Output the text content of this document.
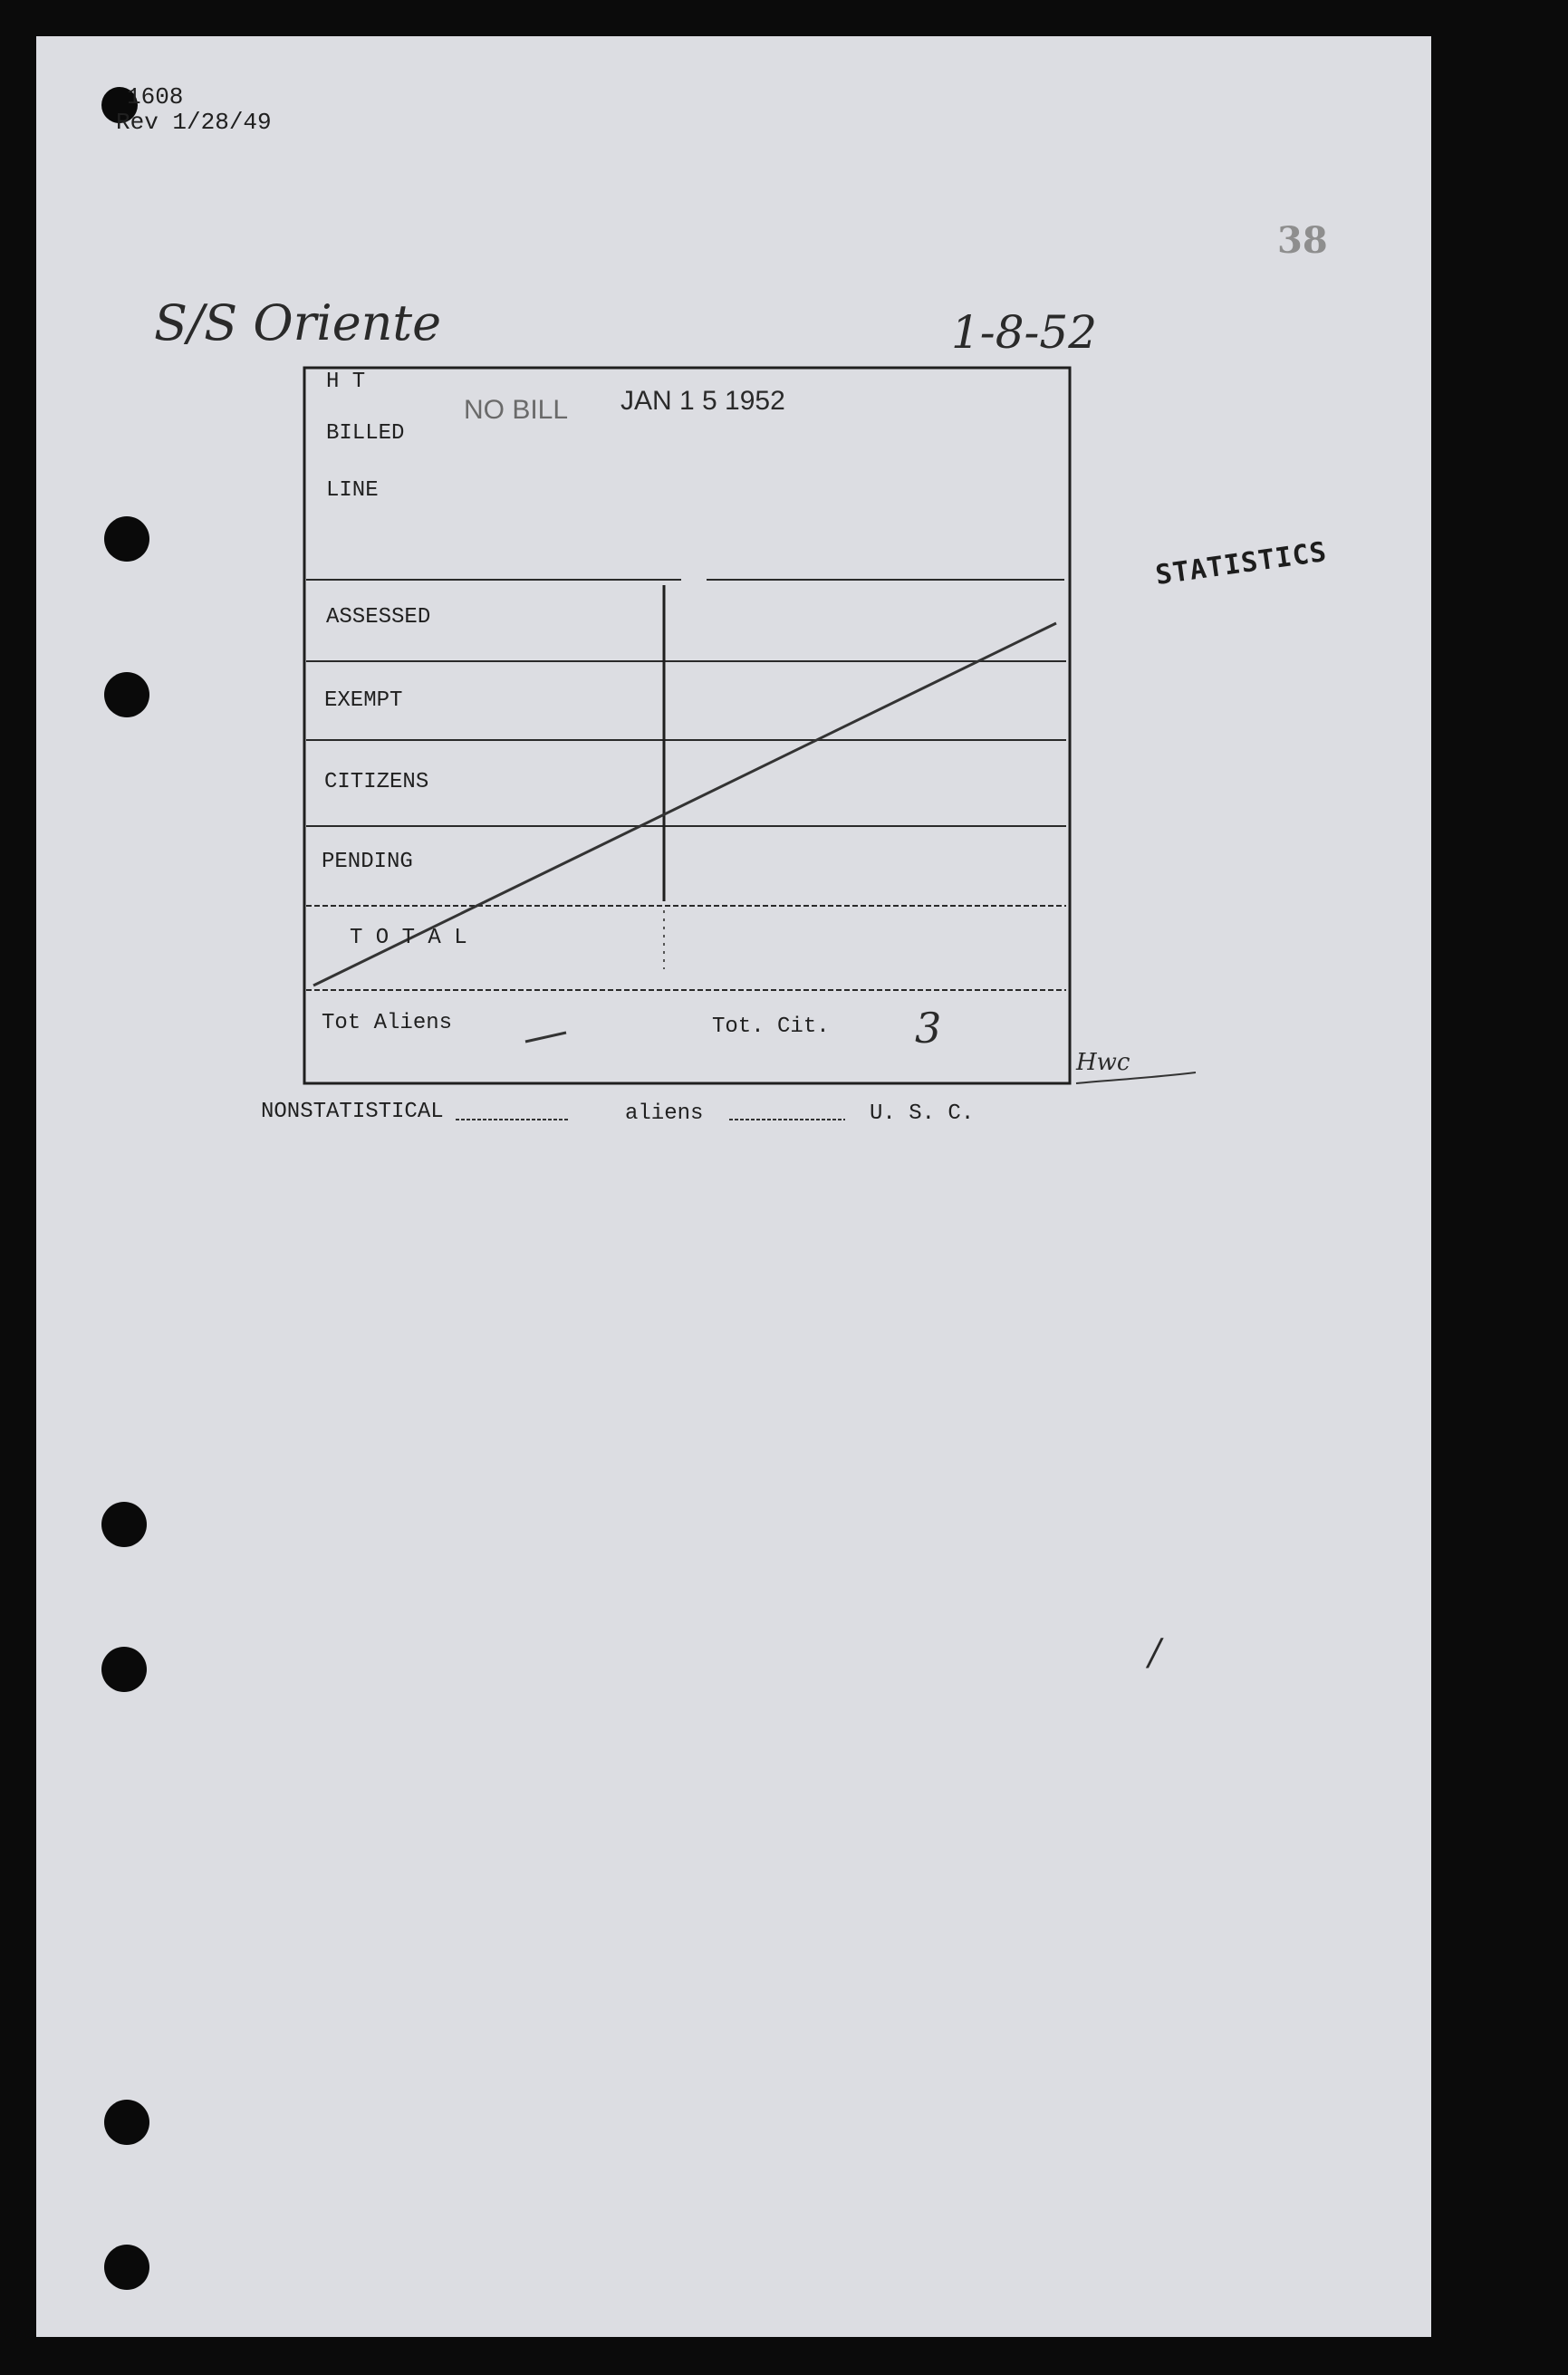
1608
Rev 1/28/49
38
S/S Oriente	1-8-52
STATISTICS
NO BILL JAN 1 5 1952
H T
BILLED
LINE
ASSESSED
EXEMPT
CITIZENS
PENDING
T O T A L
Tot Aliens	Tot. Cit. 3
Hwc
NONSTATISTICAL	aliens	U. S. C.
/
